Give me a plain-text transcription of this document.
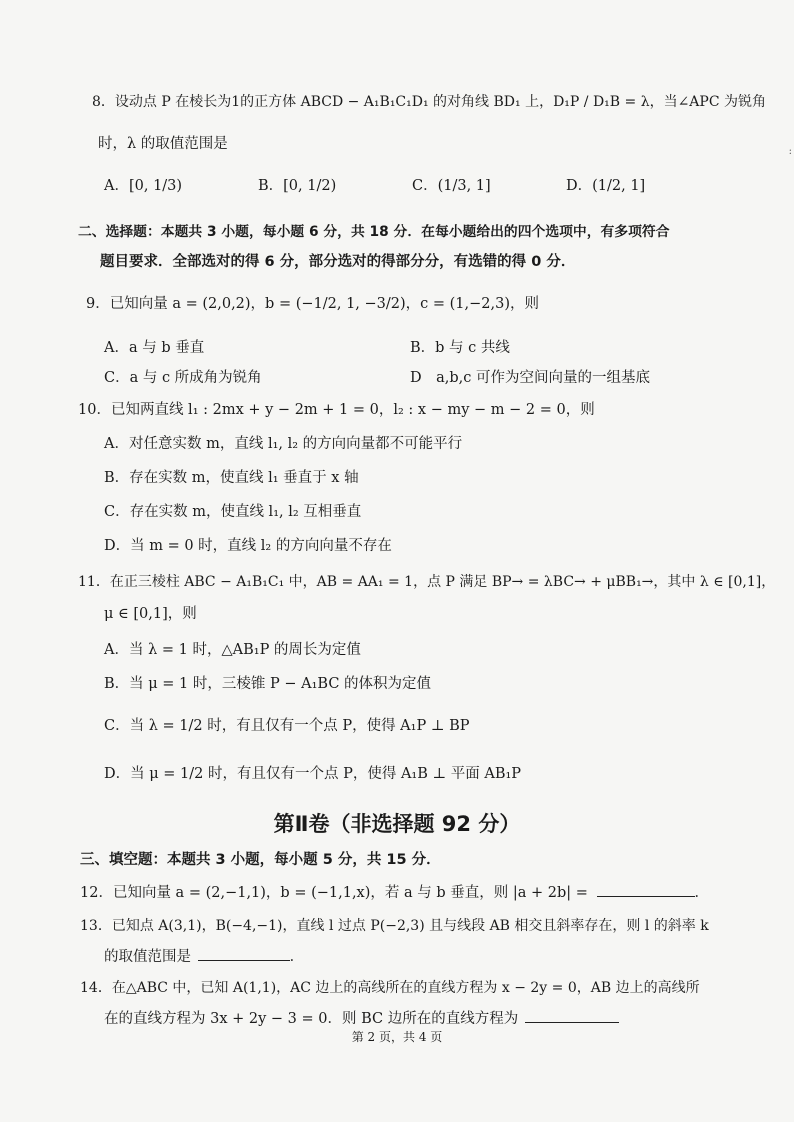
8．设动点 P 在棱长为1的正方体 ABCD − A₁B₁C₁D₁ 的对角线 BD₁ 上，D₁P / D₁B = λ，当∠APC 为锐角
时，λ 的取值范围是
A．[0, 1/3)	B．[0, 1/2)	C．(1/3, 1]	D．(1/2, 1]
:
二、选择题：本题共 3 小题，每小题 6 分，共 18 分．在每小题给出的四个选项中，有多项符合
题目要求．全部选对的得 6 分，部分选对的得部分分，有选错的得 0 分．
9．已知向量 a = (2,0,2)，b = (−1/2, 1, −3/2)，c = (1,−2,3)，则
A．a 与 b 垂直	B．b 与 c 共线
C．a 与 c 所成角为锐角	D　a,b,c 可作为空间向量的一组基底
10．已知两直线 l₁ : 2mx + y − 2m + 1 = 0，l₂ : x − my − m − 2 = 0，则
A．对任意实数 m，直线 l₁, l₂ 的方向向量都不可能平行
B．存在实数 m，使直线 l₁ 垂直于 x 轴
C．存在实数 m，使直线 l₁, l₂ 互相垂直
D．当 m = 0 时，直线 l₂ 的方向向量不存在
11．在正三棱柱 ABC − A₁B₁C₁ 中，AB = AA₁ = 1，点 P 满足 BP→ = λBC→ + μBB₁→，其中 λ ∈ [0,1]，
μ ∈ [0,1]，则
A．当 λ = 1 时，△AB₁P 的周长为定值
B．当 μ = 1 时，三棱锥 P − A₁BC 的体积为定值
C．当 λ = 1/2 时，有且仅有一个点 P，使得 A₁P ⊥ BP
D．当 μ = 1/2 时，有且仅有一个点 P，使得 A₁B ⊥ 平面 AB₁P
第Ⅱ卷（非选择题 92 分）
三、填空题：本题共 3 小题，每小题 5 分，共 15 分．
12．已知向量 a = (2,−1,1)，b = (−1,1,x)，若 a 与 b 垂直，则 |a + 2b| =	．
13．已知点 A(3,1)，B(−4,−1)，直线 l 过点 P(−2,3) 且与线段 AB 相交且斜率存在，则 l 的斜率 k
的取值范围是	．
14．在△ABC 中，已知 A(1,1)，AC 边上的高线所在的直线方程为 x − 2y = 0，AB 边上的高线所
在的直线方程为 3x + 2y − 3 = 0．则 BC 边所在的直线方程为
第 2 页，共 4 页
